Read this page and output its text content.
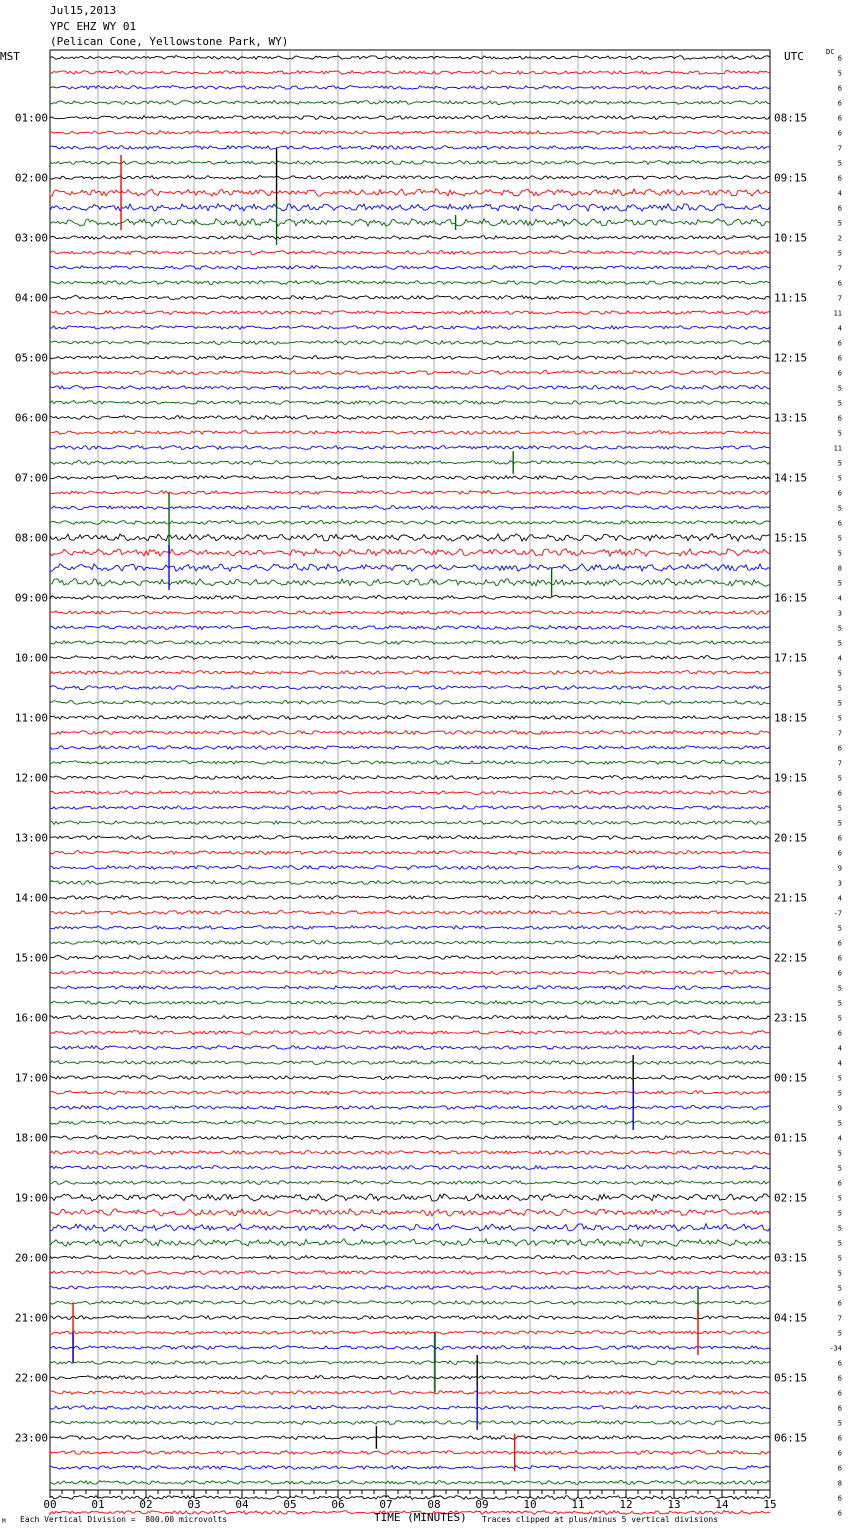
6
5
6
6
6
6
7
5
6
4
6
5
2
5
7
6
7
11
4
6
6
6
5
5
6
5
11
5
5
6
5
6
5
5
8
5
4
3
5
5
4
5
5
5
5
7
6
7
5
6
5
5
6
6
9
3
4
-7
5
6
6
6
5
5
5
6
4
4
5
5
9
5
4
5
5
6
5
5
5
5
5
5
5
6
7
5
-34
6
6
6
6
5
6
6
6
8
6
6
01:00
02:00
03:00
04:00
05:00
06:00
07:00
08:00
09:00
10:00
11:00
12:00
13:00
14:00
15:00
16:00
17:00
18:00
19:00
20:00
21:00
22:00
23:00
08:15
09:15
10:15
11:15
12:15
13:15
14:15
15:15
16:15
17:15
18:15
19:15
20:15
21:15
22:15
23:15
00:15
01:15
02:15
03:15
04:15
05:15
06:15
00	01	02	03	04	05	06	07	08	09	10	11	12	13	14	15
Jul15,2013
YPC EHZ WY 01
(Pelican Cone, Yellowstone Park, WY)
MST	UTC	DC
Each Vertical Division =  800.00 microvolts	TIME (MINUTES) Traces clipped at plus/minus 5 vertical divisions
M
